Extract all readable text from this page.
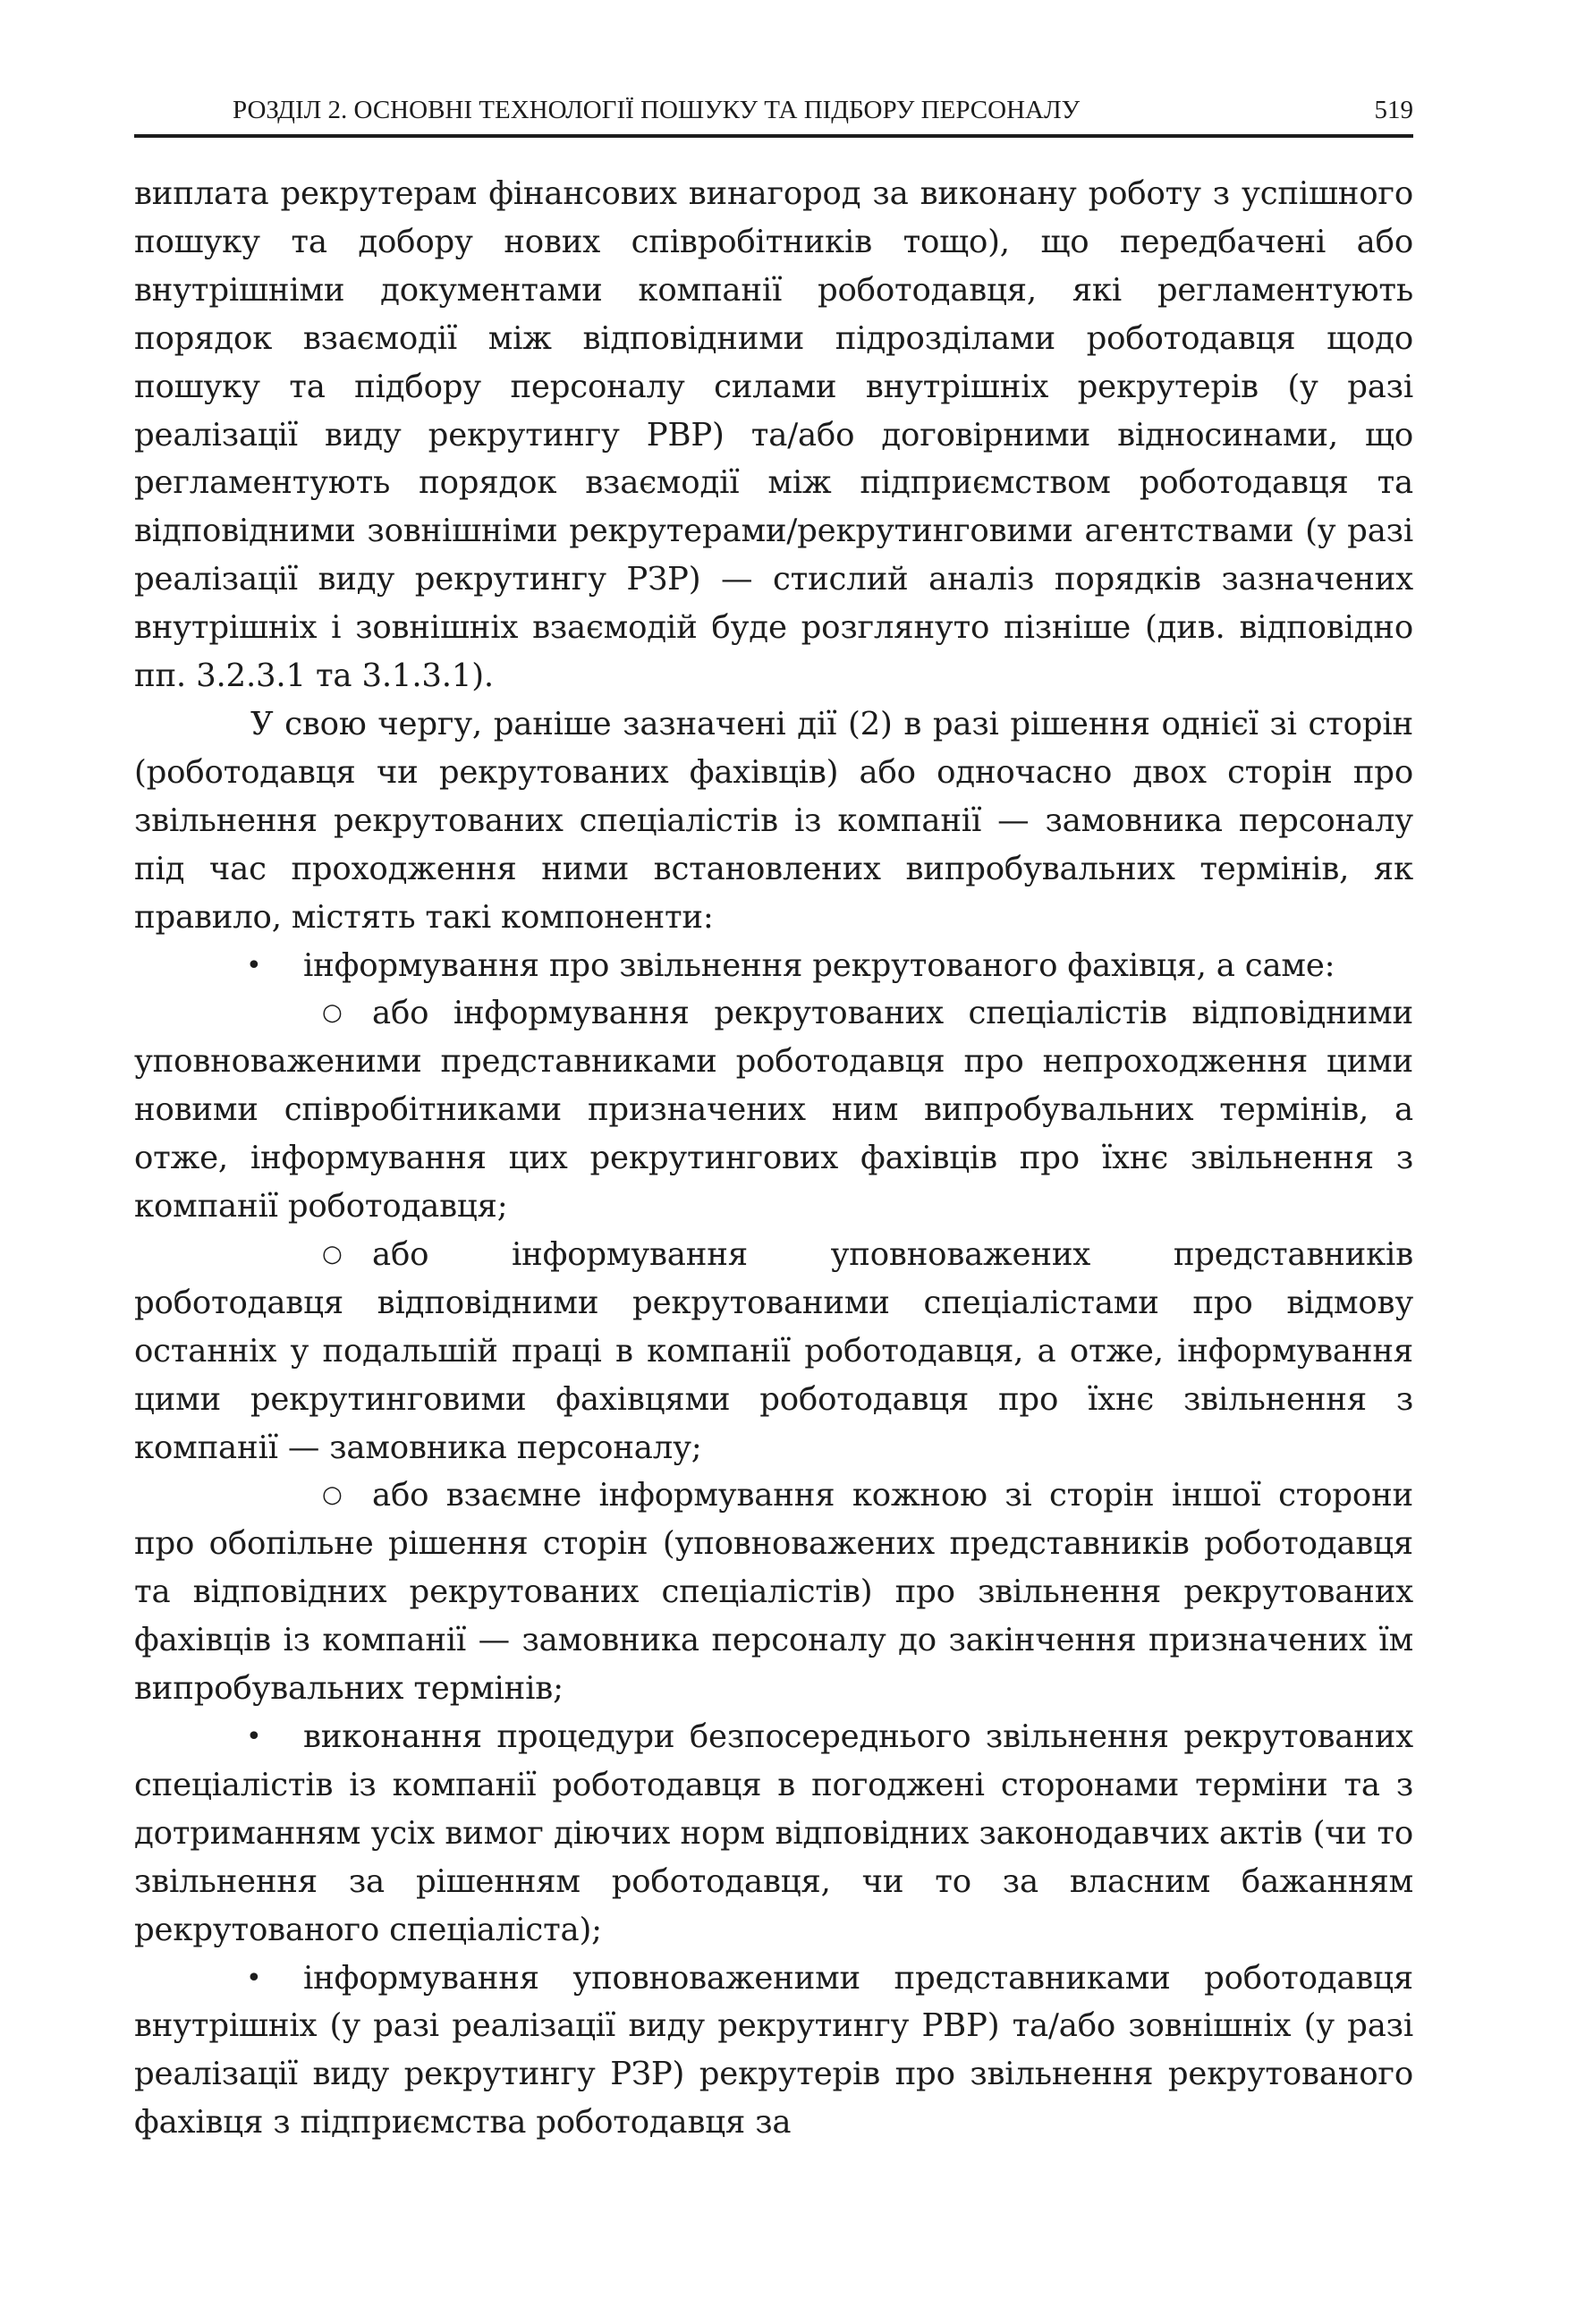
РОЗДІЛ 2. ОСНОВНІ ТЕХНОЛОГІЇ ПОШУКУ ТА ПІДБОРУ ПЕРСОНАЛУ	519

виплата рекрутерам фінансових винагород за виконану роботу з успішного пошуку та добору нових співробітників тощо), що передбачені або внутрішніми документами компанії роботодавця, які регламентують порядок взаємодії між відповідними підрозділами роботодавця щодо пошуку та підбору персоналу силами внутрішніх рекрутерів (у разі реалізації виду рекрутингу РВР) та/або договірними відносинами, що регламентують порядок взаємодії між підприємством роботодавця та відповідними зовнішніми рекрутерами/рекрутинговими агентствами (у разі реалізації виду рекрутингу РЗР) — стислий аналіз порядків зазначених внутрішніх і зовнішніх взаємодій буде розглянуто пізніше (див. відповідно пп. 3.2.3.1 та 3.1.3.1).

У свою чергу, раніше зазначені дії (2) в разі рішення однієї зі сторін (роботодавця чи рекрутованих фахівців) або одночасно двох сторін про звільнення рекрутованих спеціалістів із компанії — замовника персоналу під час проходження ними встановлених випробувальних термінів, як правило, містять такі компоненти:

• інформування про звільнення рекрутованого фахівця, а саме:

○ або інформування рекрутованих спеціалістів відповідними уповноваженими представниками роботодавця про непроходження цими новими співробітниками призначених ним випробувальних термінів, а отже, інформування цих рекрутингових фахівців про їхнє звільнення з компанії роботодавця;

○ або інформування уповноважених представників роботодавця відповідними рекрутованими спеціалістами про відмову останніх у подальшій праці в компанії роботодавця, а отже, інформування цими рекрутинговими фахівцями роботодавця про їхнє звільнення з компанії — замовника персоналу;

○ або взаємне інформування кожною зі сторін іншої сторони про обопільне рішення сторін (уповноважених представників роботодавця та відповідних рекрутованих спеціалістів) про звільнення рекрутованих фахівців із компанії — замовника персоналу до закінчення призначених їм випробувальних термінів;

• виконання процедури безпосереднього звільнення рекрутованих спеціалістів із компанії роботодавця в погоджені сторонами терміни та з дотриманням усіх вимог діючих норм відповідних законодавчих актів (чи то звільнення за рішенням роботодавця, чи то за власним бажанням рекрутованого спеціаліста);

• інформування уповноваженими представниками роботодавця внутрішніх (у разі реалізації виду рекрутингу РВР) та/або зовнішніх (у разі реалізації виду рекрутингу РЗР) рекрутерів про звільнення рекрутованого фахівця з підприємства роботодавця за
